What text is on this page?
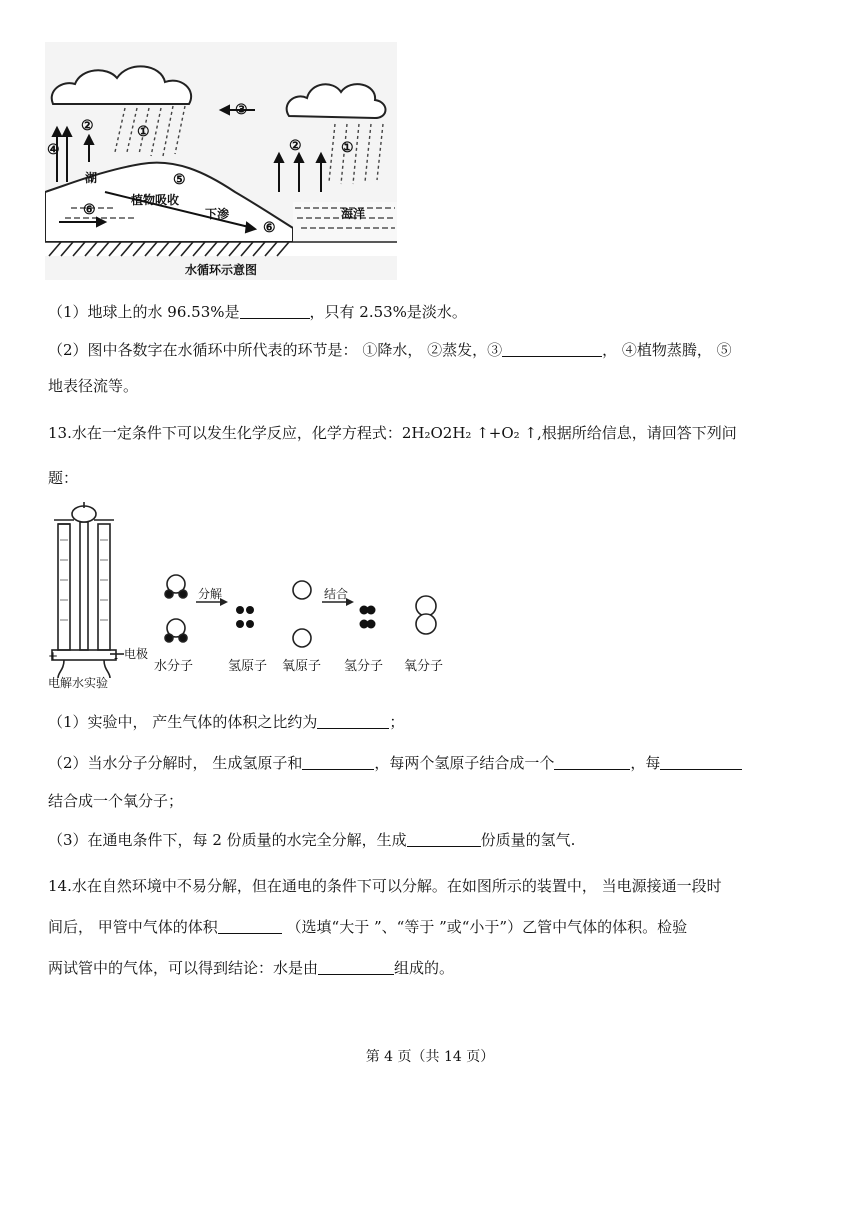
①
②
④
③
②	①
⑤
⑥
⑥
湖
植物吸收
下渗	海洋
水循环示意图
（1）地球上的水 96.53%是	，只有 2.53%是淡水。
（2）图中各数字在水循环中所代表的环节是： ①降水， ②蒸发，③	， ④植物蒸腾， ⑤
地表径流等。
13.水在一定条件下可以发生化学反应，化学方程式：2H₂O2H₂ ↑+O₂ ↑,根据所给信息，请回答下列问
题：
+	- 电极
电解水实验
分解	结合
水分子	氢原子 氧原子 氢分子 氧分子
（1）实验中， 产生气体的体积之比约为	；
（2）当水分子分解时， 生成氢原子和	，每两个氢原子结合成一个	，每
结合成一个氧分子；
（3）在通电条件下，每 2 份质量的水完全分解，生成	份质量的氢气.
14.水在自然环境中不易分解，但在通电的条件下可以分解。在如图所示的装置中， 当电源接通一段时
间后， 甲管中气体的体积	（选填“大于 ”、“等于 ”或“小于”）乙管中气体的体积。检验
两试管中的气体，可以得到结论：水是由	组成的。
第 4 页（共 14 页）
